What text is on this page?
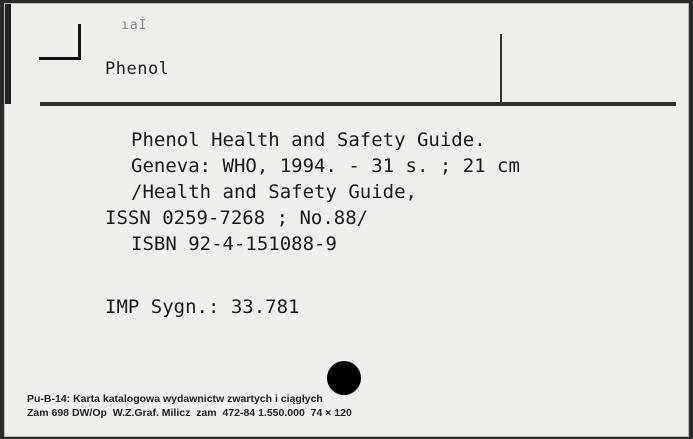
ıaİ
Phenol
Phenol Health and Safety Guide.
Geneva: WHO, 1994. - 31 s. ; 21 cm
/Health and Safety Guide,
ISSN 0259-7268 ; No.88/
ISBN 92-4-151088-9
IMP Sygn.: 33.781
Pu-B-14: Karta katalogowa wydawnictw zwartych i ciągłych
Zam 698 DW/Op  W.Z.Graf. Milicz  zam  472-84 1.550.000  74 × 120
